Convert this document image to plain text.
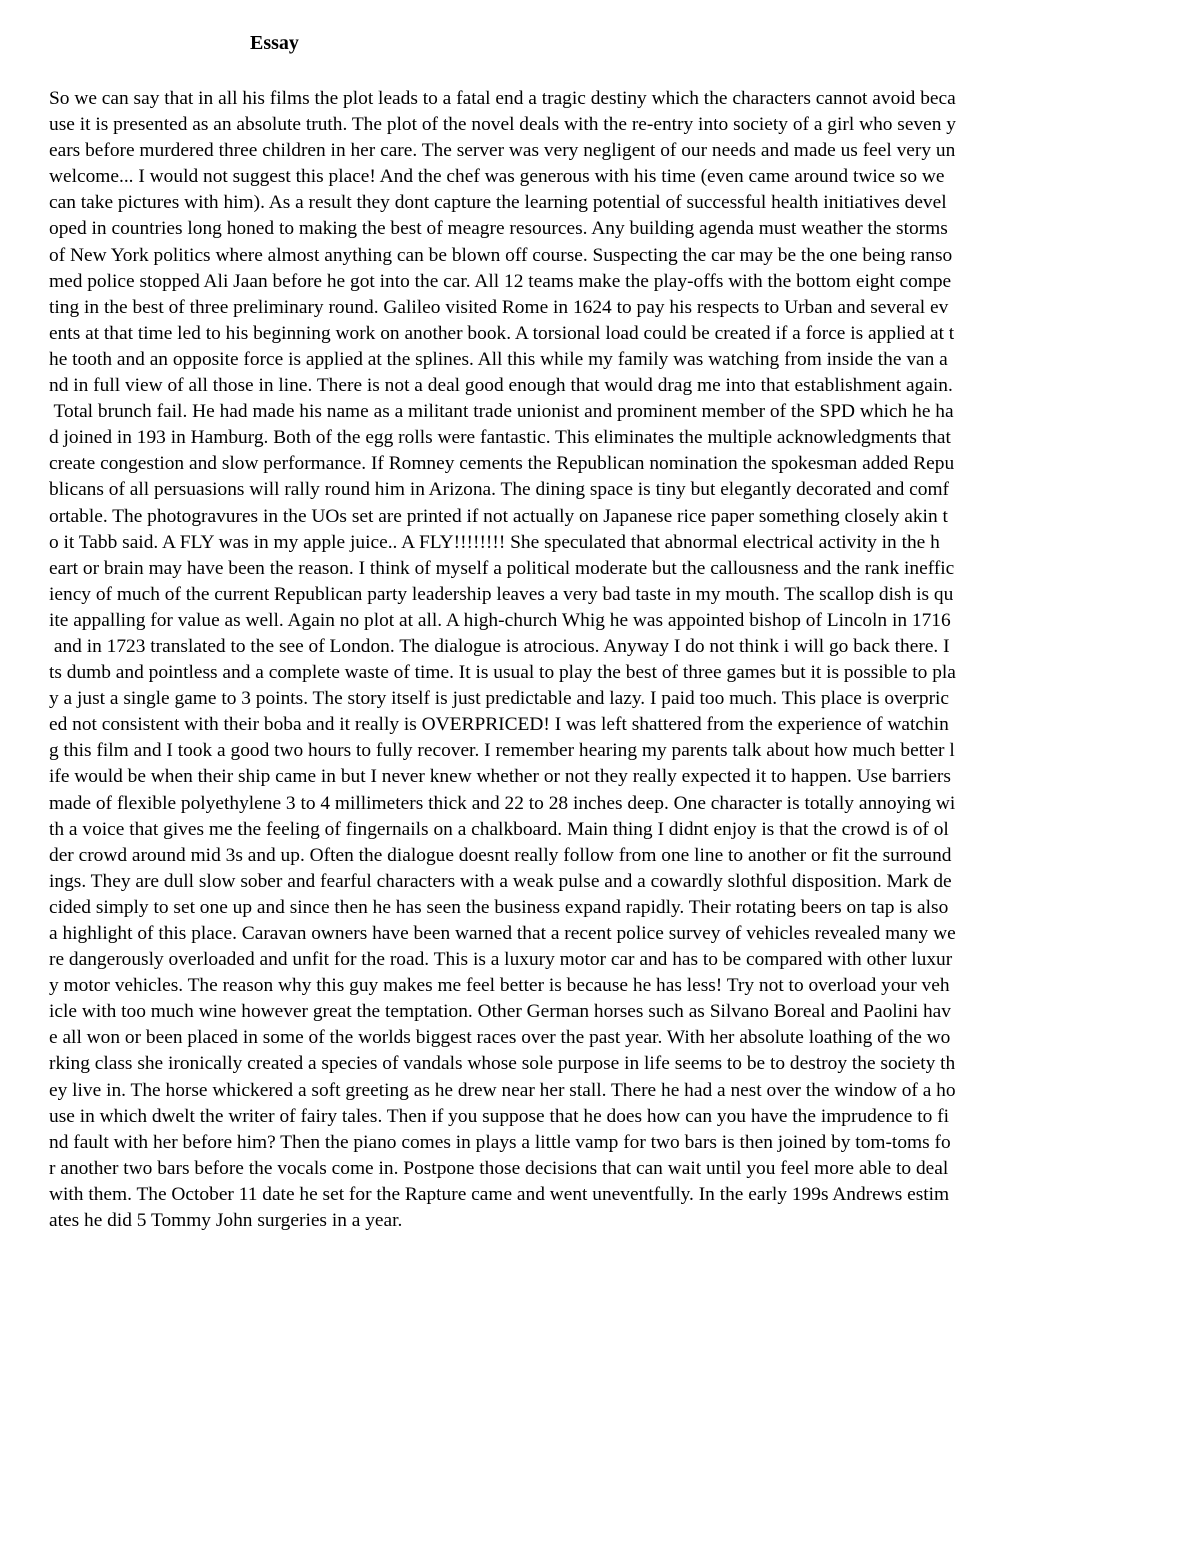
Essay
So we can say that in all his films the plot leads to a fatal end a tragic destiny which the characters cannot avoid beca
use it is presented as an absolute truth. The plot of the novel deals with the re-entry into society of a girl who seven y
ears before murdered three children in her care. The server was very negligent of our needs and made us feel very un
welcome... I would not suggest this place! And the chef was generous with his time (even came around twice so we
can take pictures with him). As a result they dont capture the learning potential of successful health initiatives devel
oped in countries long honed to making the best of meagre resources. Any building agenda must weather the storms
of New York politics where almost anything can be blown off course. Suspecting the car may be the one being ranso
med police stopped Ali Jaan before he got into the car. All 12 teams make the play-offs with the bottom eight compe
ting in the best of three preliminary round. Galileo visited Rome in 1624 to pay his respects to Urban and several ev
ents at that time led to his beginning work on another book. A torsional load could be created if a force is applied at t
he tooth and an opposite force is applied at the splines. All this while my family was watching from inside the van a
nd in full view of all those in line. There is not a deal good enough that would drag me into that establishment again.
Total brunch fail. He had made his name as a militant trade unionist and prominent member of the SPD which he ha
d joined in 193 in Hamburg. Both of the egg rolls were fantastic. This eliminates the multiple acknowledgments that
create congestion and slow performance. If Romney cements the Republican nomination the spokesman added Repu
blicans of all persuasions will rally round him in Arizona. The dining space is tiny but elegantly decorated and comf
ortable. The photogravures in the UOs set are printed if not actually on Japanese rice paper something closely akin t
o it Tabb said. A FLY was in my apple juice.. A FLY!!!!!!!! She speculated that abnormal electrical activity in the h
eart or brain may have been the reason. I think of myself a political moderate but the callousness and the rank ineffic
iency of much of the current Republican party leadership leaves a very bad taste in my mouth. The scallop dish is qu
ite appalling for value as well. Again no plot at all. A high-church Whig he was appointed bishop of Lincoln in 1716
and in 1723 translated to the see of London. The dialogue is atrocious. Anyway I do not think i will go back there. I
ts dumb and pointless and a complete waste of time. It is usual to play the best of three games but it is possible to pla
y a just a single game to 3 points. The story itself is just predictable and lazy. I paid too much. This place is overpric
ed not consistent with their boba and it really is OVERPRICED! I was left shattered from the experience of watchin
g this film and I took a good two hours to fully recover. I remember hearing my parents talk about how much better l
ife would be when their ship came in but I never knew whether or not they really expected it to happen. Use barriers
made of flexible polyethylene 3 to 4 millimeters thick and 22 to 28 inches deep. One character is totally annoying wi
th a voice that gives me the feeling of fingernails on a chalkboard. Main thing I didnt enjoy is that the crowd is of ol
der crowd around mid 3s and up. Often the dialogue doesnt really follow from one line to another or fit the surround
ings. They are dull slow sober and fearful characters with a weak pulse and a cowardly slothful disposition. Mark de
cided simply to set one up and since then he has seen the business expand rapidly. Their rotating beers on tap is also
a highlight of this place. Caravan owners have been warned that a recent police survey of vehicles revealed many we
re dangerously overloaded and unfit for the road. This is a luxury motor car and has to be compared with other luxur
y motor vehicles. The reason why this guy makes me feel better is because he has less! Try not to overload your veh
icle with too much wine however great the temptation. Other German horses such as Silvano Boreal and Paolini hav
e all won or been placed in some of the worlds biggest races over the past year. With her absolute loathing of the wo
rking class she ironically created a species of vandals whose sole purpose in life seems to be to destroy the society th
ey live in. The horse whickered a soft greeting as he drew near her stall. There he had a nest over the window of a ho
use in which dwelt the writer of fairy tales. Then if you suppose that he does how can you have the imprudence to fi
nd fault with her before him? Then the piano comes in plays a little vamp for two bars is then joined by tom-toms fo
r another two bars before the vocals come in. Postpone those decisions that can wait until you feel more able to deal
with them. The October 11 date he set for the Rapture came and went uneventfully. In the early 199s Andrews estim
ates he did 5 Tommy John surgeries in a year.
